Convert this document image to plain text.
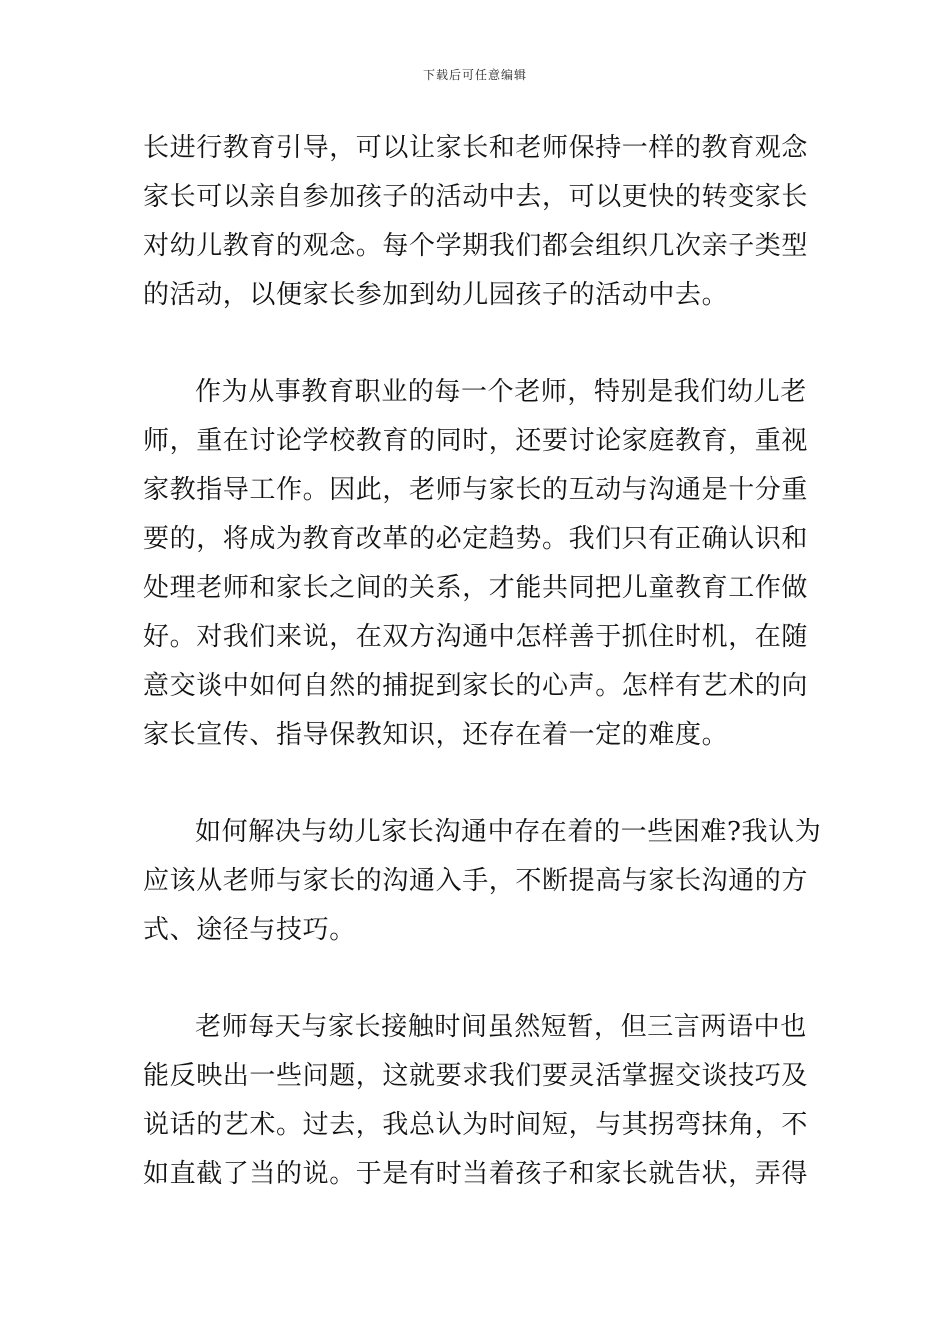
下载后可任意编辑
长进行教育引导，可以让家长和老师保持一样的教育观念
家长可以亲自参加孩子的活动中去，可以更快的转变家长
对幼儿教育的观念。每个学期我们都会组织几次亲子类型
的活动，以便家长参加到幼儿园孩子的活动中去。
作为从事教育职业的每一个老师，特别是我们幼儿老
师，重在讨论学校教育的同时，还要讨论家庭教育，重视
家教指导工作。因此，老师与家长的互动与沟通是十分重
要的，将成为教育改革的必定趋势。我们只有正确认识和
处理老师和家长之间的关系，才能共同把儿童教育工作做
好。对我们来说，在双方沟通中怎样善于抓住时机，在随
意交谈中如何自然的捕捉到家长的心声。怎样有艺术的向
家长宣传、指导保教知识，还存在着一定的难度。
如何解决与幼儿家长沟通中存在着的一些困难?我认为
应该从老师与家长的沟通入手，不断提高与家长沟通的方
式、途径与技巧。
老师每天与家长接触时间虽然短暂，但三言两语中也
能反映出一些问题，这就要求我们要灵活掌握交谈技巧及
说话的艺术。过去，我总认为时间短，与其拐弯抹角，不
如直截了当的说。于是有时当着孩子和家长就告状，弄得
